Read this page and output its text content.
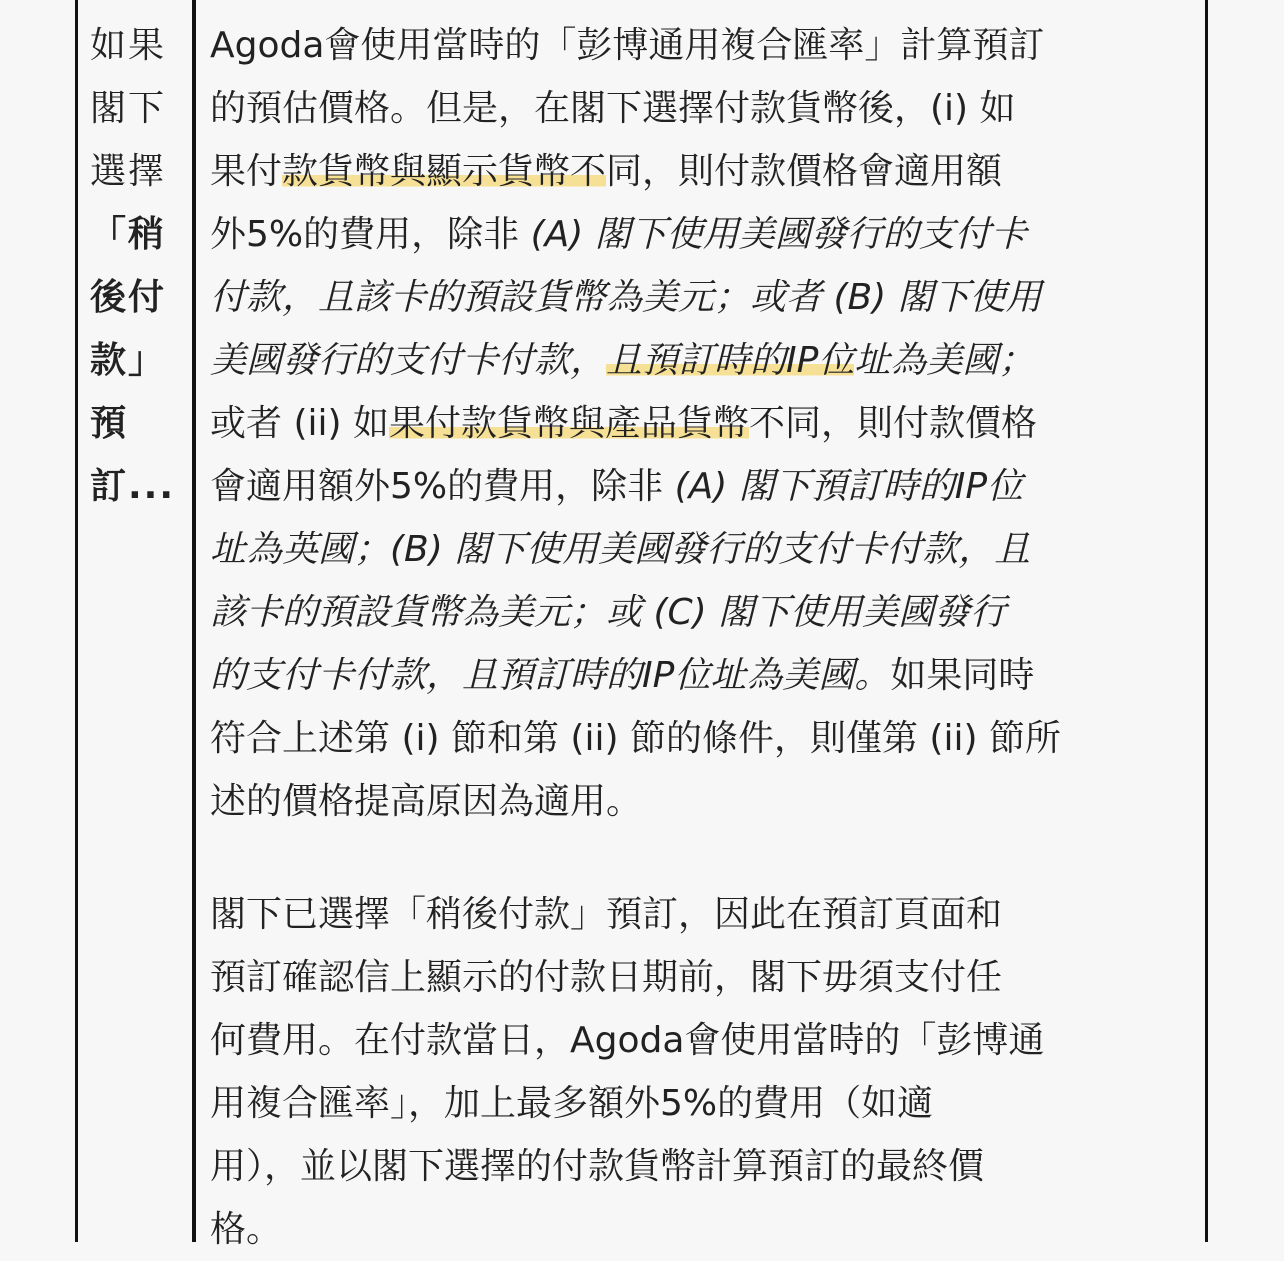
如果
閣下
選擇
「稍
後付
款」
預
訂...
Agoda會使用當時的「彭博通用複合匯率」計算預訂
的預估價格。但是，在閣下選擇付款貨幣後，(i) 如
果付款貨幣與顯示貨幣不同，則付款價格會適用額
外5%的費用，除非 (A) 閣下使用美國發行的支付卡
付款，且該卡的預設貨幣為美元；或者 (B) 閣下使用
美國發行的支付卡付款，且預訂時的IP位址為美國；
或者 (ii) 如果付款貨幣與產品貨幣不同，則付款價格
會適用額外5%的費用，除非 (A) 閣下預訂時的IP位
址為英國；(B) 閣下使用美國發行的支付卡付款，且
該卡的預設貨幣為美元；或 (C) 閣下使用美國發行
的支付卡付款，且預訂時的IP位址為美國。如果同時
符合上述第 (i) 節和第 (ii) 節的條件，則僅第 (ii) 節所
述的價格提高原因為適用。
閣下已選擇「稍後付款」預訂，因此在預訂頁面和
預訂確認信上顯示的付款日期前，閣下毋須支付任
何費用。在付款當日，Agoda會使用當時的「彭博通
用複合匯率」，加上最多額外5%的費用（如適
用），並以閣下選擇的付款貨幣計算預訂的最終價
格。
